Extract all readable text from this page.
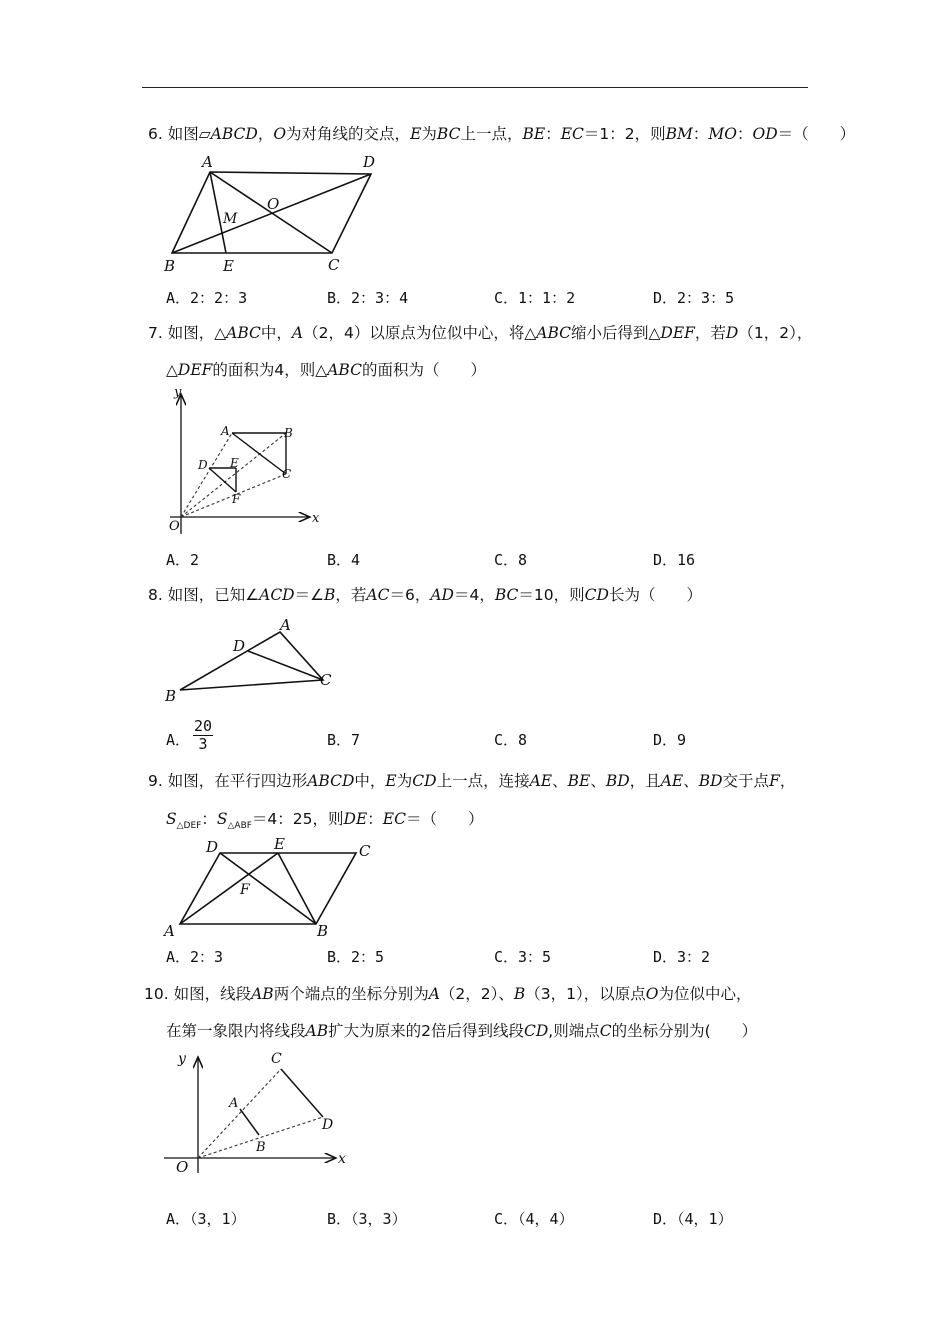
6. 如图▱ABCD，O为对角线的交点，E为BC上一点，BE：EC＝1：2，则BM：MO：OD＝（　　）
A	D
M
O
B	E	C
A．2：2：3	B．2：3：4	C．1：1：2	D．2：3：5
7. 如图，△ABC中，A（2，4）以原点为位似中心，将△ABC缩小后得到△DEF，若D（1，2），
△DEF的面积为4，则△ABC的面积为（　　）
y
x
O
A	B
C
D E
F
A．2	B．4	C．8	D．16
8. 如图，已知∠ACD＝∠B，若AC＝6，AD＝4，BC＝10，则CD长为（　　）
A
D
B
C
A．
20
3	B．7	C．8	D．9
9. 如图，在平行四边形ABCD中，E为CD上一点，连接AE、BE、BD，且AE、BD交于点F，
$S_{\triangle DEF}$：$S_{\triangle ABF}=4$：25，则DE：EC＝（　　）
D	E	C
F
A	B
A．2：3	B．2：5	C．3：5	D．3：2
10. 如图，线段AB两个端点的坐标分别为A（2，2）、B（3，1），以原点O为位似中心，
在第一象限内将线段AB扩大为原来的2倍后得到线段CD,则端点C的坐标分别为(　　）
y
x
O
A
B
C
D
A．（3，1）	B．（3，3）	C．（4，4）	D．（4，1）
